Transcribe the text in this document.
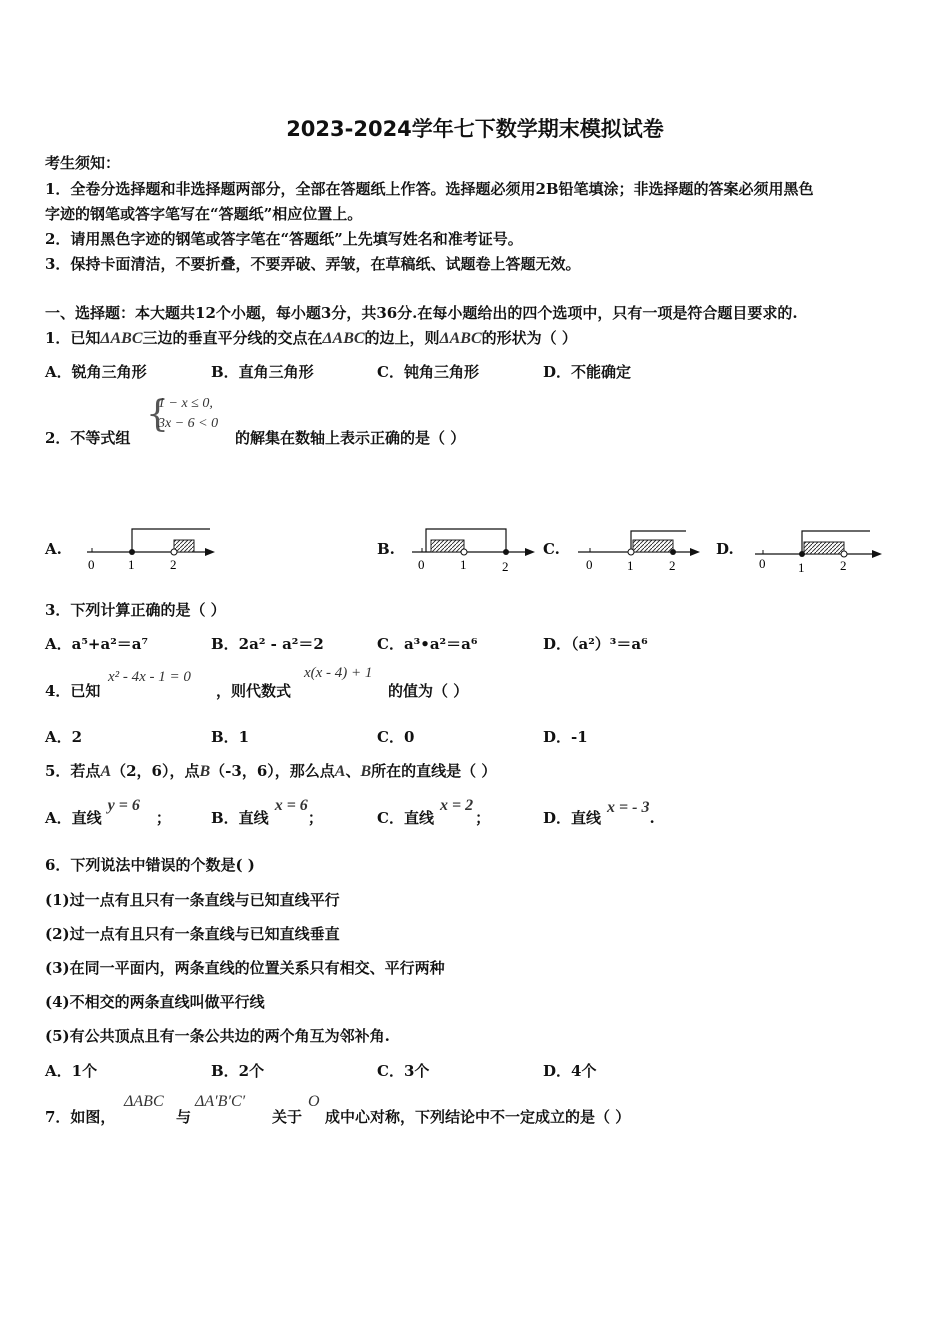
2023-2024学年七下数学期末模拟试卷
考生须知：
1．全卷分选择题和非选择题两部分，全部在答题纸上作答。选择题必须用2B铅笔填涂；非选择题的答案必须用黑色
字迹的钢笔或答字笔写在“答题纸”相应位置上。
2．请用黑色字迹的钢笔或答字笔在“答题纸”上先填写姓名和准考证号。
3．保持卡面清洁，不要折叠，不要弄破、弄皱，在草稿纸、试题卷上答题无效。
一、选择题：本大题共12个小题，每小题3分，共36分.在每小题给出的四个选项中，只有一项是符合题目要求的.
1．已知ΔABC三边的垂直平分线的交点在ΔABC的边上，则ΔABC的形状为（ ）
A．锐角三角形	B．直角三角形	C．钝角三角形	D．不能确定
2．不等式组
{
1 − x ≤ 0,
3x − 6 < 0
的解集在数轴上表示正确的是（ ）
A.	B.	C.	D.
0	1	2	0	1	2	0	1	2	0	1	2
3．下列计算正确的是（ ）
A．a⁵+a²＝a⁷	B．2a² - a²＝2	C．a³•a²＝a⁶	D．（a²）³＝a⁶
4．已知
x² - 4x - 1 = 0
，则代数式
x(x - 4) + 1
的值为（ ）
A．2	B．1	C．0	D．-1
5．若点A（2，6），点B（-3，6），那么点A、B所在的直线是（ ）
A．直线y = 6；	B．直线x = 6；	C．直线x = 2；	D．直线x = - 3.
6．下列说法中错误的个数是( )
(1)过一点有且只有一条直线与已知直线平行
(2)过一点有且只有一条直线与已知直线垂直
(3)在同一平面内，两条直线的位置关系只有相交、平行两种
(4)不相交的两条直线叫做平行线
(5)有公共顶点且有一条公共边的两个角互为邻补角.
A．1个	B．2个	C．3个	D．4个
7．如图，
ΔABC
与
ΔA′B′C′
关于
O
成中心对称，下列结论中不一定成立的是（ ）
